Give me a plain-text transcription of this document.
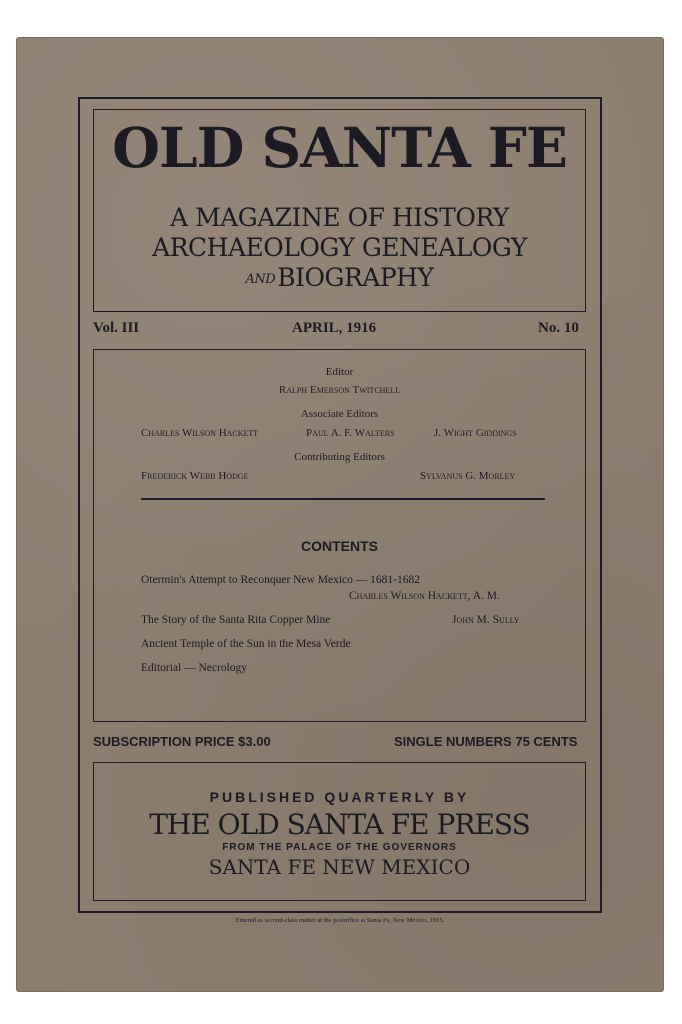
OLD SANTA FE
A MAGAZINE OF HISTORY
ARCHAEOLOGY GENEALOGY
ANDBIOGRAPHY
Vol. III	APRIL, 1916	No. 10
Editor
Ralph Emerson Twitchell
Associate Editors
Charles Wilson Hackett	Paul A. F. Walters	J. Wight Giddings
Contributing Editors
Frederick Webb Hodge	Sylvanus G. Morley
CONTENTS
Otermin's Attempt to Reconquer New Mexico — 1681-1682
Charles Wilson Hackett, A. M.
The Story of the Santa Rita Copper Mine	John M. Sully
Ancient Temple of the Sun in the Mesa Verde
Editorial — Necrology
SUBSCRIPTION PRICE $3.00	SINGLE NUMBERS 75 CENTS
PUBLISHED QUARTERLY BY
THE OLD SANTA FE PRESS
FROM THE PALACE OF THE GOVERNORS
SANTA FE NEW MEXICO
Entered as second-class matter at the postoffice at Santa Fe, New Mexico, 1915.
